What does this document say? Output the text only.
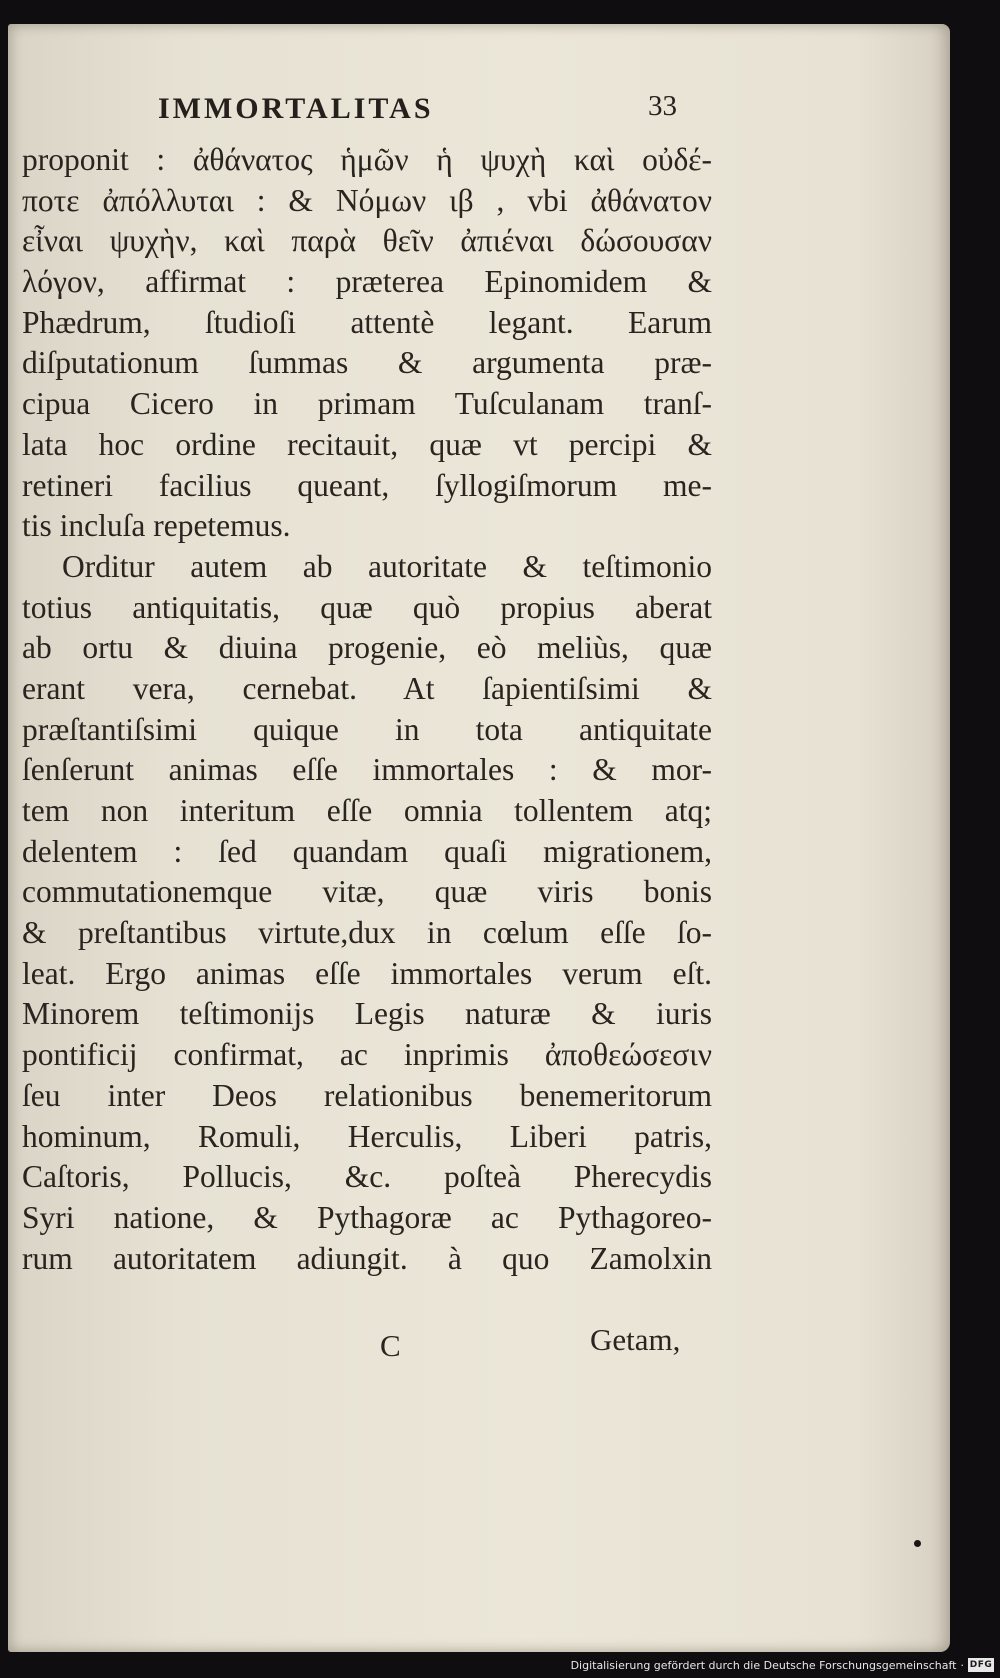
IMMORTALITAS	33
proponit : ἀθάνατος ἡμῶν ἡ ψυχὴ καὶ οὐδέ-
ποτε ἀπόλλυται : & Νόμων ιβ , vbi ἀθάνατον
εἶναι ψυχὴν, καὶ παρὰ θεῖν ἀπιέναι δώσουσαν
λόγον, affirmat : præterea Epinomidem &
Phædrum, ſtudioſi attentè legant. Earum
diſputationum ſummas & argumenta præ-
cipua Cicero in primam Tuſculanam tranſ-
lata hoc ordine recitauit, quæ vt percipi &
retineri facilius queant, ſyllogiſmorum me-
tis incluſa repetemus.
Orditur autem ab autoritate & teſtimonio
totius antiquitatis, quæ quò propius aberat
ab ortu & diuina progenie, eò meliùs, quæ
erant vera, cernebat. At ſapientiſsimi &
præſtantiſsimi quique in tota antiquitate
ſenſerunt animas eſſe immortales : & mor-
tem non interitum eſſe omnia tollentem atq;
delentem : ſed quandam quaſi migrationem,
commutationemque vitæ, quæ viris bonis
& preſtantibus virtute,dux in cœlum eſſe ſo-
leat. Ergo animas eſſe immortales verum eſt.
Minorem teſtimonijs Legis naturæ & iuris
pontificij confirmat, ac inprimis ἀποθεώσεσιν
ſeu inter Deos relationibus benemeritorum
hominum, Romuli, Herculis, Liberi patris,
Caſtoris, Pollucis, &c. poſteà Pherecydis
Syri natione, & Pythagoræ ac Pythagoreo-
rum autoritatem adiungit. à quo Zamolxin
C	Getam,
Digitalisierung gefördert durch die Deutsche Forschungsgemeinschaft · DFG
